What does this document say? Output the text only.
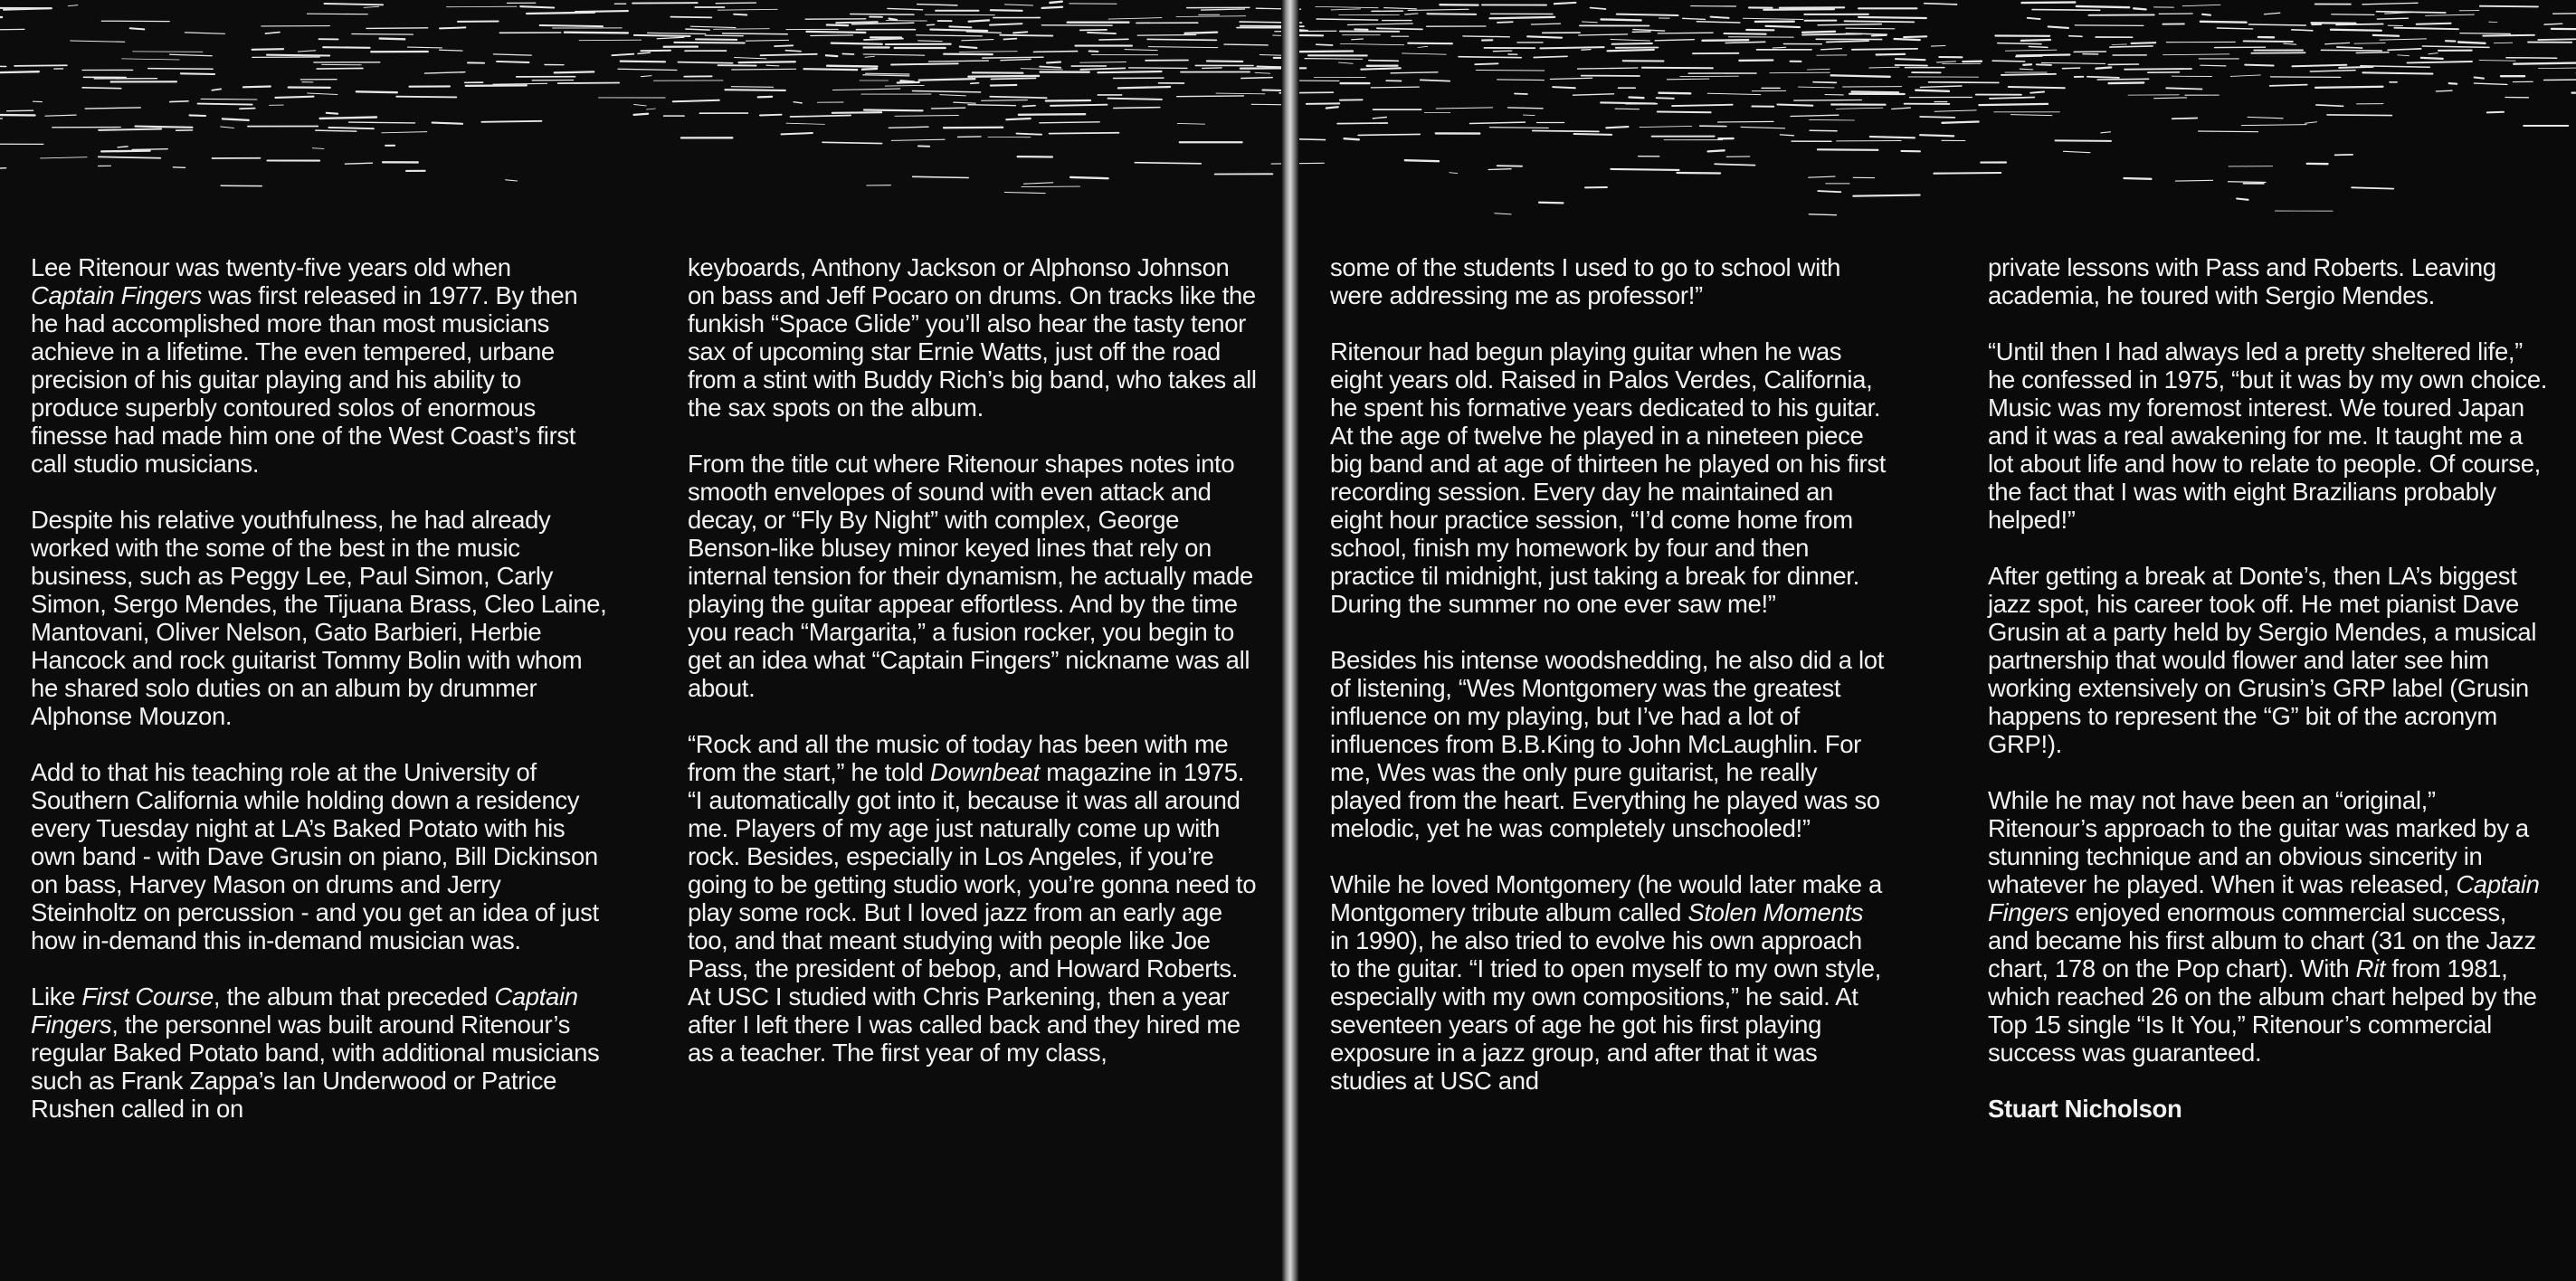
Lee Ritenour was twenty-five years old when
Captain Fingers was first released in 1977. By then he had accomplished more than most musicians achieve in a lifetime. The even tempered, urbane precision of his guitar playing and his ability to produce superbly contoured solos of enormous finesse had made him one of the West Coast’s first call studio musicians.

Despite his relative youthfulness, he had already worked with the some of the best in the music business, such as Peggy Lee, Paul Simon, Carly Simon, Sergo Mendes, the Tijuana Brass, Cleo Laine, Mantovani, Oliver Nelson, Gato Barbieri, Herbie Hancock and rock guitarist Tommy Bolin with whom he shared solo duties on an album by drummer Alphonse Mouzon.

Add to that his teaching role at the University of Southern California while holding down a residency every Tuesday night at LA’s Baked Potato with his own band - with Dave Grusin on piano, Bill Dickinson on bass, Harvey Mason on drums and Jerry Steinholtz on percussion - and you get an idea of just how in-demand this in-demand musician was.

Like First Course, the album that preceded Captain Fingers, the personnel was built around Ritenour’s regular Baked Potato band, with additional musicians such as Frank Zappa’s Ian Underwood or Patrice Rushen called in on

keyboards, Anthony Jackson or Alphonso Johnson on bass and Jeff Pocaro on drums. On tracks like the funkish “Space Glide” you’ll also hear the tasty tenor sax of upcoming star Ernie Watts, just off the road from a stint with Buddy Rich’s big band, who takes all the sax spots on the album.

From the title cut where Ritenour shapes notes into smooth envelopes of sound with even attack and decay, or “Fly By Night” with complex, George Benson-like blusey minor keyed lines that rely on internal tension for their dynamism, he actually made playing the guitar appear effortless. And by the time you reach “Margarita,” a fusion rocker, you begin to get an idea what “Captain Fingers” nickname was all about.

“Rock and all the music of today has been with me from the start,” he told Downbeat magazine in 1975. “I automatically got into it, because it was all around me. Players of my age just naturally come up with rock. Besides, especially in Los Angeles, if you’re going to be getting studio work, you’re gonna need to play some rock. But I loved jazz from an early age too, and that meant studying with people like Joe Pass, the president of bebop, and Howard Roberts. At USC I studied with Chris Parkening, then a year after I left there I was called back and they hired me as a teacher. The first year of my class,

some of the students I used to go to school with were addressing me as professor!”

Ritenour had begun playing guitar when he was eight years old. Raised in Palos Verdes, California, he spent his formative years dedicated to his guitar. At the age of twelve he played in a nineteen piece big band and at age of thirteen he played on his first recording session. Every day he maintained an eight hour practice session, “I’d come home from school, finish my homework by four and then practice til midnight, just taking a break for dinner. During the summer no one ever saw me!”

Besides his intense woodshedding, he also did a lot of listening, “Wes Montgomery was the greatest influence on my playing, but I’ve had a lot of influences from B.B.King to John McLaughlin. For me, Wes was the only pure guitarist, he really played from the heart. Everything he played was so melodic, yet he was completely unschooled!”

While he loved Montgomery (he would later make a Montgomery tribute album called Stolen Moments in 1990), he also tried to evolve his own approach to the guitar. “I tried to open myself to my own style, especially with my own compositions,” he said. At seventeen years of age he got his first playing exposure in a jazz group, and after that it was studies at USC and

private lessons with Pass and Roberts. Leaving academia, he toured with Sergio Mendes.

“Until then I had always led a pretty sheltered life,” he confessed in 1975, “but it was by my own choice. Music was my foremost interest. We toured Japan and it was a real awakening for me. It taught me a lot about life and how to relate to people. Of course, the fact that I was with eight Brazilians probably helped!”

After getting a break at Donte’s, then LA’s biggest jazz spot, his career took off. He met pianist Dave Grusin at a party held by Sergio Mendes, a musical partnership that would flower and later see him working extensively on Grusin’s GRP label (Grusin happens to represent the “G” bit of the acronym GRP!).

While he may not have been an “original,” Ritenour’s approach to the guitar was marked by a stunning technique and an obvious sincerity in whatever he played. When it was released, Captain Fingers enjoyed enormous commercial success, and became his first album to chart (31 on the Jazz chart, 178 on the Pop chart). With Rit from 1981, which reached 26 on the album chart helped by the Top 15 single “Is It You,” Ritenour’s commercial success was guaranteed.

Stuart Nicholson
